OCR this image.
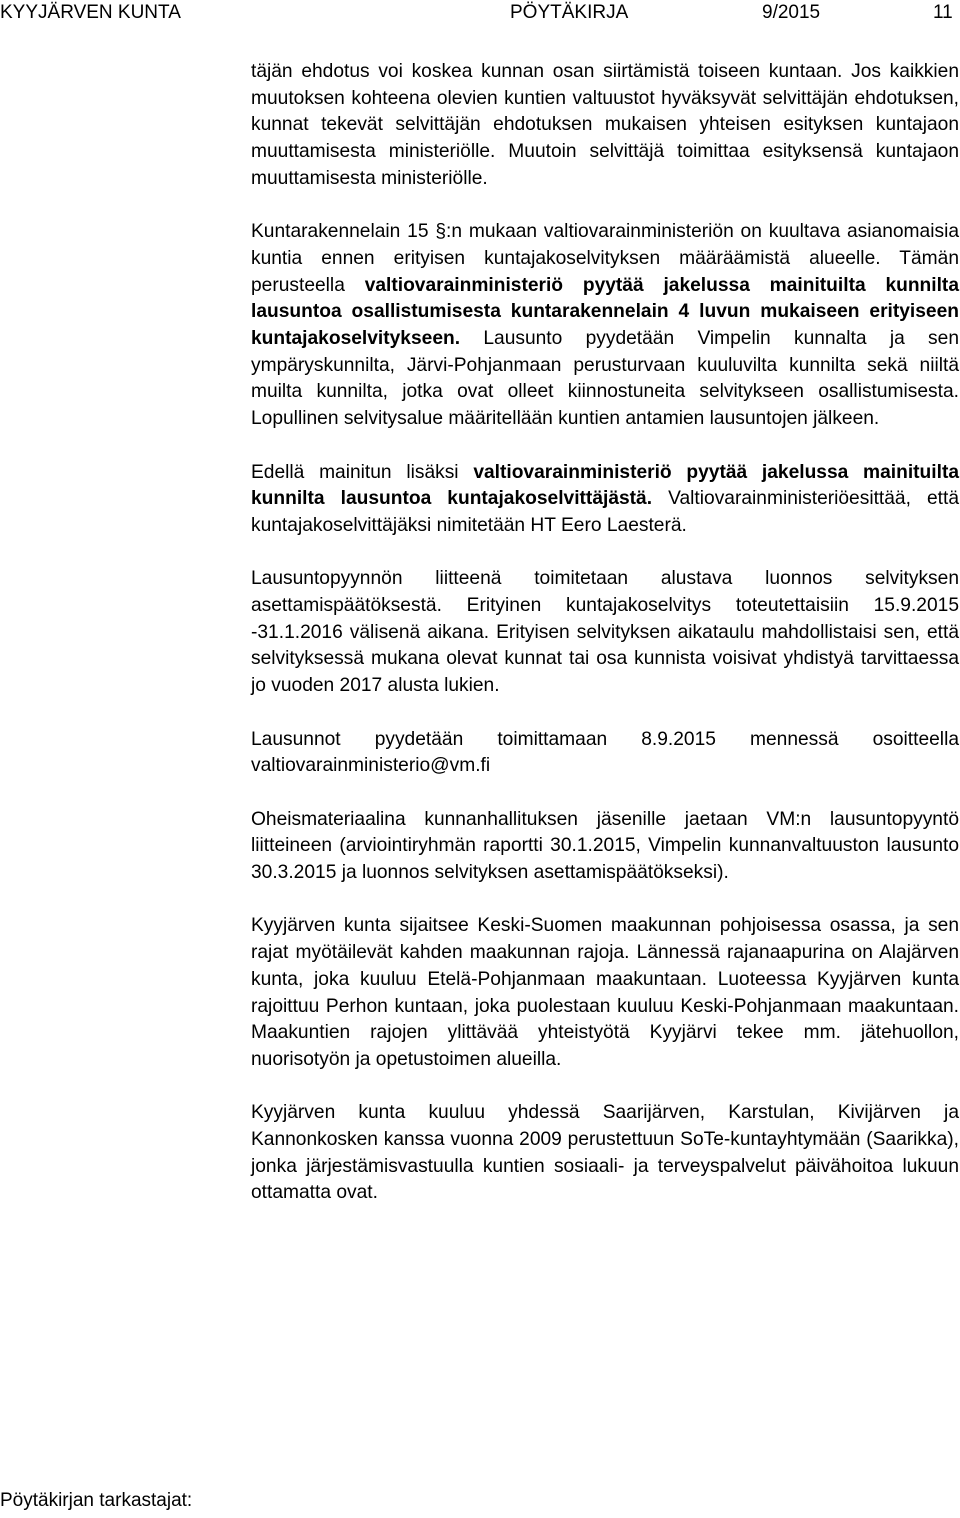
KYYJÄRVEN KUNTA	PÖYTÄKIRJA	9/2015	11

täjän ehdotus voi koskea kunnan osan siirtämistä toiseen kuntaan. Jos kaikkien muutoksen kohteena olevien kuntien valtuustot hyväksyvät selvittäjän ehdotuksen, kunnat tekevät selvittäjän ehdotuksen mukaisen yhteisen esityksen kuntajaon muuttamisesta ministeriölle. Muutoin selvittäjä toimittaa esityksensä kuntajaon muuttamisesta ministeriölle.

Kuntarakennelain 15 §:n mukaan valtiovarainministeriön on kuultava asianomaisia kuntia ennen erityisen kuntajakoselvityksen määräämistä alueelle. Tämän perusteella valtiovarainministeriö pyytää jakelussa mainituilta kunnilta lausuntoa osallistumisesta kuntarakennelain 4 luvun mukaiseen erityiseen kuntajakoselvitykseen. Lausunto pyydetään Vimpelin kunnalta ja sen ympäryskunnilta, Järvi-Pohjanmaan perusturvaan kuuluvilta kunnilta sekä niiltä muilta kunnilta, jotka ovat olleet kiinnostuneita selvitykseen osallistumisesta. Lopullinen selvitysalue määritellään kuntien antamien lausuntojen jälkeen.

Edellä mainitun lisäksi valtiovarainministeriö pyytää jakelussa mainituilta kunnilta lausuntoa kuntajakoselvittäjästä. Valtiovarainministeriöesittää, että kuntajakoselvittäjäksi nimitetään HT Eero Laesterä.

Lausuntopyynnön liitteenä toimitetaan alustava luonnos selvityksen asettamispäätöksestä. Erityinen kuntajakoselvitys toteutettaisiin 15.9.2015 -31.1.2016 välisenä aikana. Erityisen selvityksen aikataulu mahdollistaisi sen, että selvityksessä mukana olevat kunnat tai osa kunnista voisivat yhdistyä tarvittaessa jo vuoden 2017 alusta lukien.

Lausunnot pyydetään toimittamaan 8.9.2015 mennessä osoitteella valtiovarainministerio@vm.fi

Oheismateriaalina kunnanhallituksen jäsenille jaetaan VM:n lausuntopyyntö liitteineen (arviointiryhmän raportti 30.1.2015, Vimpelin kunnanvaltuuston lausunto 30.3.2015 ja luonnos selvityksen asettamispäätökseksi).

Kyyjärven kunta sijaitsee Keski-Suomen maakunnan pohjoisessa osassa, ja sen rajat myötäilevät kahden maakunnan rajoja. Lännessä rajanaapurina on Alajärven kunta, joka kuuluu Etelä-Pohjanmaan maakuntaan. Luoteessa Kyyjärven kunta rajoittuu Perhon kuntaan, joka puolestaan kuuluu Keski-Pohjanmaan maakuntaan. Maakuntien rajojen ylittävää yhteistyötä Kyyjärvi tekee mm. jätehuollon, nuorisotyön ja opetustoimen alueilla.

Kyyjärven kunta kuuluu yhdessä Saarijärven, Karstulan, Kivijärven ja Kannonkosken kanssa vuonna 2009 perustettuun SoTe-kuntayhtymään (Saarikka), jonka järjestämisvastuulla kuntien sosiaali- ja terveyspalvelut päivähoitoa lukuun ottamatta ovat.

Pöytäkirjan tarkastajat:
